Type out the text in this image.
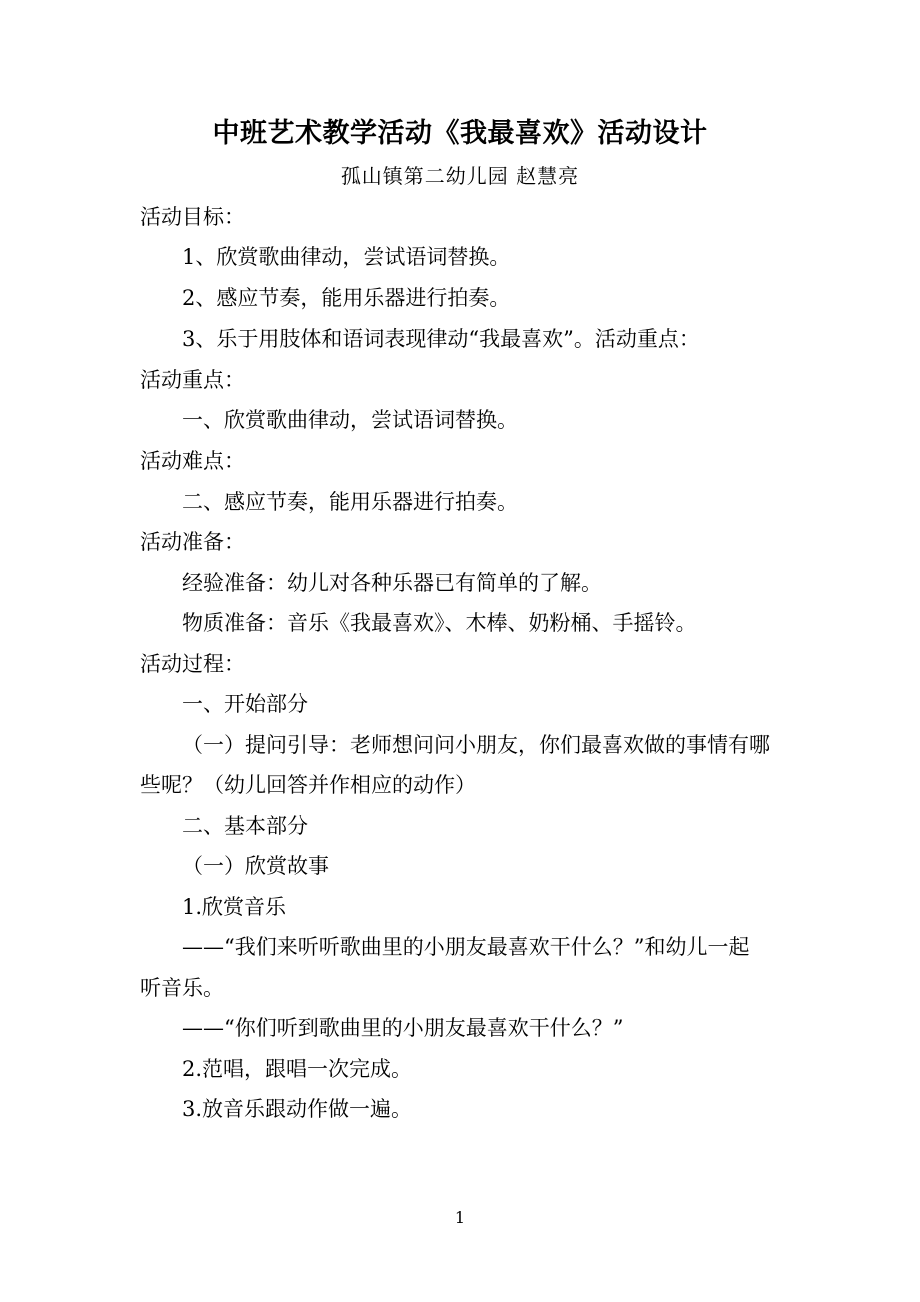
中班艺术教学活动《我最喜欢》活动设计
孤山镇第二幼儿园 赵慧亮
活动目标：
1、欣赏歌曲律动，尝试语词替换。
2、感应节奏，能用乐器进行拍奏。
3、乐于用肢体和语词表现律动“我最喜欢”。活动重点：
活动重点：
一、欣赏歌曲律动，尝试语词替换。
活动难点：
二、感应节奏，能用乐器进行拍奏。
活动准备：
经验准备：幼儿对各种乐器已有简单的了解。
物质准备：音乐《我最喜欢》、木棒、奶粉桶、手摇铃。
活动过程：
一、开始部分
（一）提问引导：老师想问问小朋友，你们最喜欢做的事情有哪
些呢？（幼儿回答并作相应的动作）
二、基本部分
（一）欣赏故事
1.欣赏音乐
——“我们来听听歌曲里的小朋友最喜欢干什么？”和幼儿一起
听音乐。
——“你们听到歌曲里的小朋友最喜欢干什么？”
2.范唱，跟唱一次完成。
3.放音乐跟动作做一遍。
1
